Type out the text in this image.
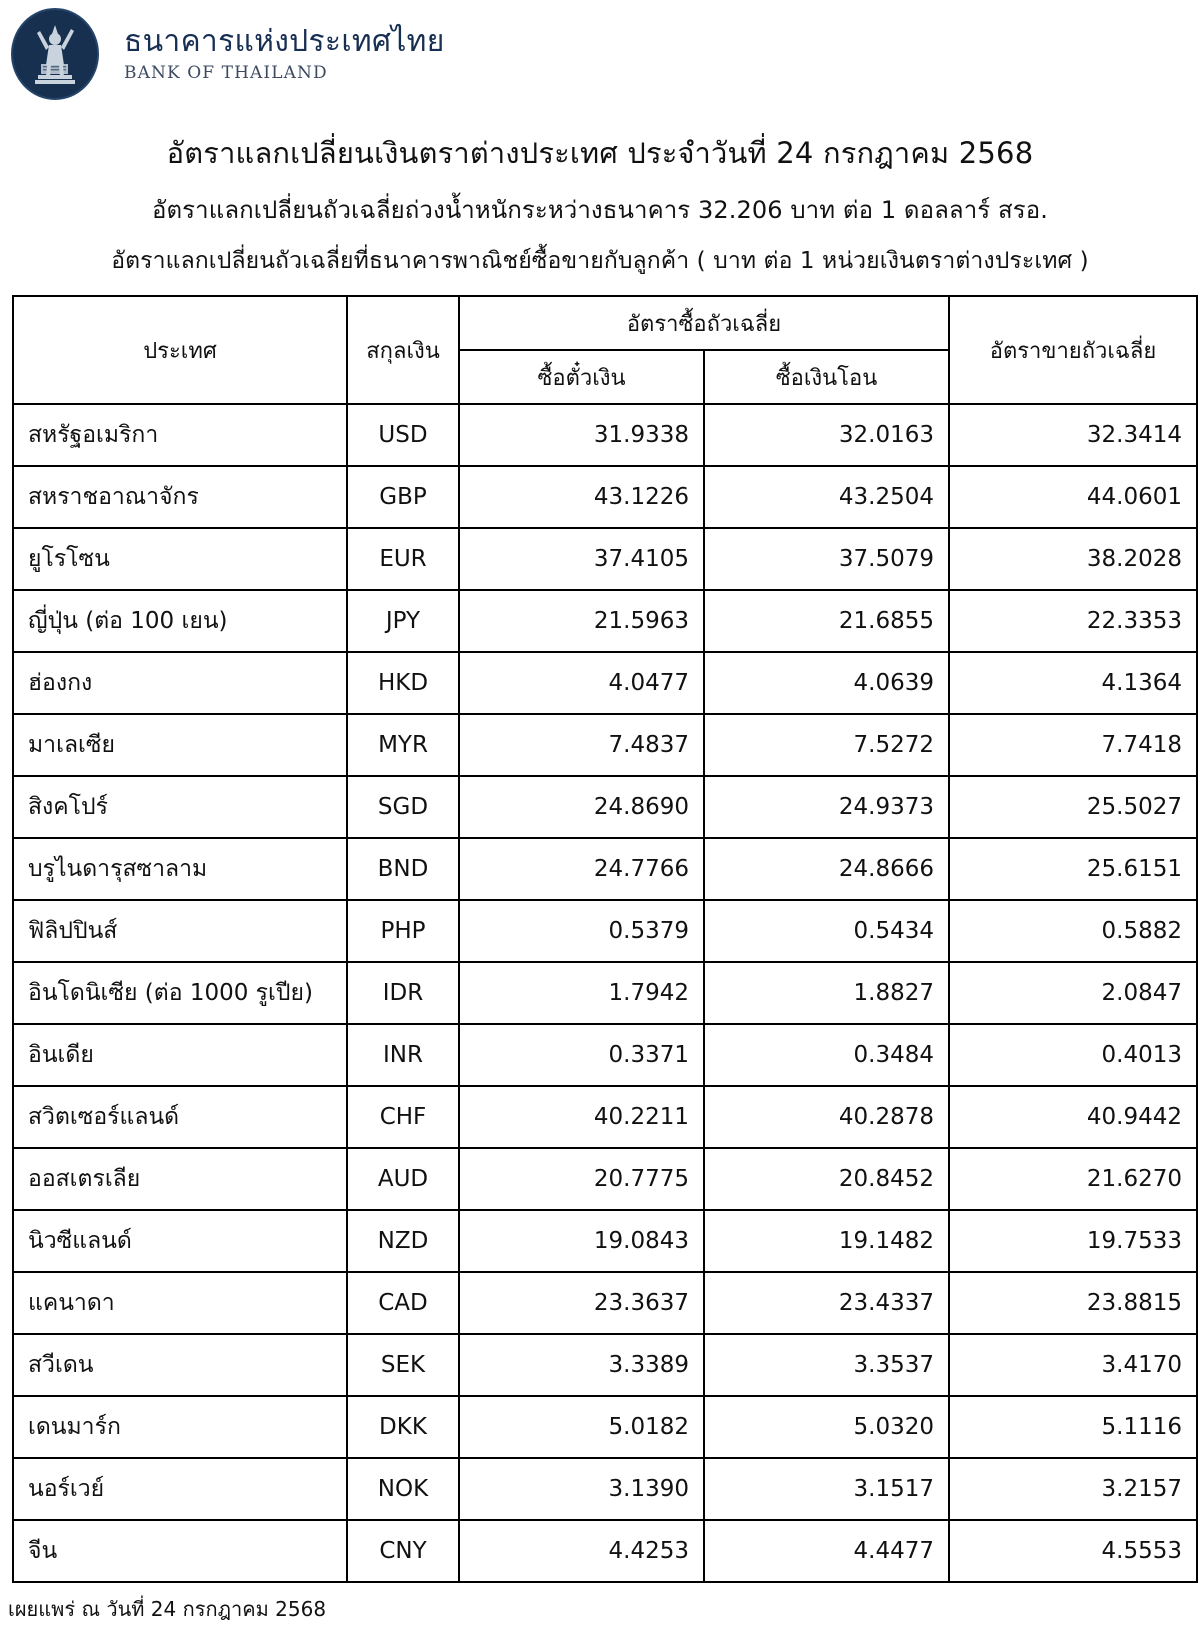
ธนาคารแห่งประเทศไทย
BANK OF THAILAND
อัตราแลกเปลี่ยนเงินตราต่างประเทศ ประจำวันที่ 24 กรกฎาคม 2568
อัตราแลกเปลี่ยนถัวเฉลี่ยถ่วงน้ำหนักระหว่างธนาคาร 32.206 บาท ต่อ 1 ดอลลาร์ สรอ.
อัตราแลกเปลี่ยนถัวเฉลี่ยที่ธนาคารพาณิชย์ซื้อขายกับลูกค้า ( บาท ต่อ 1 หน่วยเงินตราต่างประเทศ )
ประเทศ	สกุลเงิน	อัตราซื้อถัวเฉลี่ย		อัตราขายถัวเฉลี่ย

ซื้อตั๋วเงิน	ซื้อเงินโอน	

สหรัฐอเมริกา	USD	31.9338	32.0163	32.3414

สหราชอาณาจักร	GBP	43.1226	43.2504	44.0601

ยูโรโซน	EUR	37.4105	37.5079	38.2028

ญี่ปุ่น (ต่อ 100 เยน)	JPY	21.5963	21.6855	22.3353

ฮ่องกง	HKD	4.0477	4.0639	4.1364

มาเลเซีย	MYR	7.4837	7.5272	7.7418

สิงคโปร์	SGD	24.8690	24.9373	25.5027

บรูไนดารุสซาลาม	BND	24.7766	24.8666	25.6151

ฟิลิปปินส์	PHP	0.5379	0.5434	0.5882

อินโดนิเซีย (ต่อ 1000 รูเปีย)	IDR	1.7942	1.8827	2.0847

อินเดีย	INR	0.3371	0.3484	0.4013

สวิตเซอร์แลนด์	CHF	40.2211	40.2878	40.9442

ออสเตรเลีย	AUD	20.7775	20.8452	21.6270

นิวซีแลนด์	NZD	19.0843	19.1482	19.7533

แคนาดา	CAD	23.3637	23.4337	23.8815

สวีเดน	SEK	3.3389	3.3537	3.4170

เดนมาร์ก	DKK	5.0182	5.0320	5.1116

นอร์เวย์	NOK	3.1390	3.1517	3.2157

จีน	CNY	4.4253	4.4477	4.5553
เผยแพร่ ณ วันที่ 24 กรกฎาคม 2568
